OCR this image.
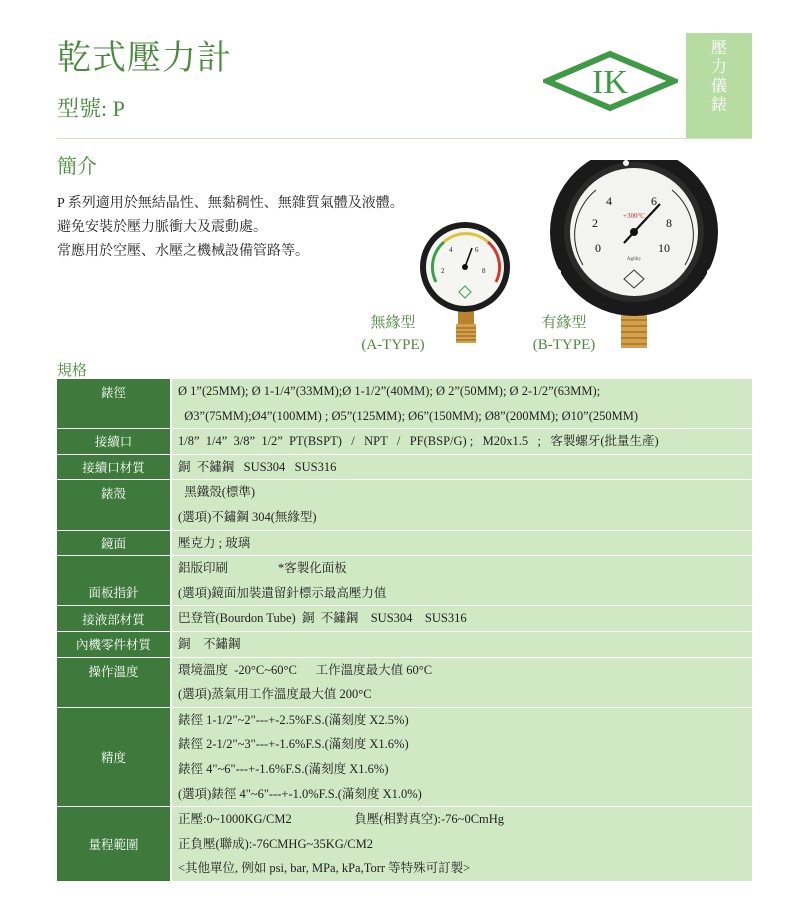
乾式壓力計
型號: P
IK
壓
力
儀
錶
簡介
P 系列適用於無結晶性、無黏稠性、無雜質氣體及液體。
避免安裝於壓力脈衝大及震動處。
常應用於空壓、水壓之機械設備管路等。
2
4	6
8
0
2
4	6
8
10
+300°C
Agility
無緣型
(A-TYPE)
有緣型
(B-TYPE)
規格
錶徑	Ø 1”(25MM); Ø 1-1/4”(33MM);Ø 1-1/2”(40MM); Ø 2”(50MM); Ø 2-1/2”(63MM);
Ø3”(75MM);Ø4”(100MM) ; Ø5”(125MM); Ø6”(150MM); Ø8”(200MM); Ø10”(250MM)

接續口	1/8”  1/4”  3/8”  1/2”  PT(BSPT)   /   NPT   /   PF(BSP/G) ;   M20x1.5   ;   客製螺牙(批量生產)

接續口材質	銅  不鏽鋼   SUS304   SUS316

錶殼	黑鐵殼(標準)
(選項)不鏽鋼 304(無緣型)

鏡面	壓克力 ; 玻璃

面板指針	鋁版印刷                *客製化面板
(選項)鏡面加裝遺留針標示最高壓力值

接液部材質	巴登管(Bourdon Tube)  銅  不鏽鋼    SUS304    SUS316

內機零件材質	銅    不鏽鋼

操作溫度	環境溫度  -20°C~60°C      工作溫度最大值 60°C
(選項)蒸氣用工作溫度最大值 200°C

精度	錶徑 1-1/2"~2"---+-2.5%F.S.(滿刻度 X2.5%)
錶徑 2-1/2"~3"---+-1.6%F.S.(滿刻度 X1.6%)
錶徑 4"~6"---+-1.6%F.S.(滿刻度 X1.6%)
(選項)錶徑 4"~6"---+-1.0%F.S.(滿刻度 X1.0%)

量程範圍	正壓:0~1000KG/CM2                    負壓(相對真空):-76~0CmHg
正負壓(聯成):-76CMHG~35KG/CM2
<其他單位, 例如 psi, bar, MPa, kPa,Torr 等特殊可訂製>
